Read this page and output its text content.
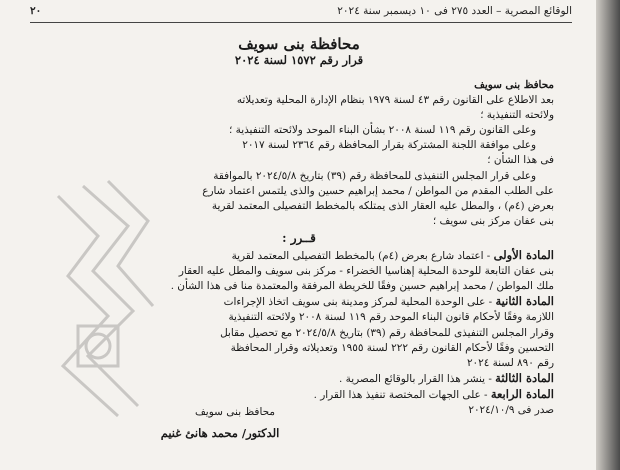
الوقائع المصرية – العدد ٢٧٥ فى ١٠ ديسمبر سنة ٢٠٢٤
٢٠
محافظة بنى سويف
قرار رقم ١٥٧٢ لسنة ٢٠٢٤

محافظ بنى سويف

بعد الاطلاع على القانون رقم ٤٣ لسنة ١٩٧٩ بنظام الإدارة المحلية وتعديلاته

ولائحته التنفيذية ؛

وعلى القانون رقم ١١٩ لسنة ٢٠٠٨ بشأن البناء الموحد ولائحته التنفيذية ؛

وعلى موافقة اللجنة المشتركة بقرار المحافظة رقم ٢٣٦٤ لسنة ٢٠١٧

فى هذا الشأن ؛

وعلى قرار المجلس التنفيذى للمحافظة رقم (٣٩) بتاريخ ٢٠٢٤/٥/٨ بالموافقة

على الطلب المقدم من المواطن / محمد إبراهيم حسين والذى يلتمس اعتماد شارع

بعرض (٤م) ، والمطل عليه العقار الذى يمتلكه بالمخطط التفصيلى المعتمد لقرية

بنى عفان مركز بنى سويف ؛

قــرر :

المادة الأولى - اعتماد شارع بعرض (٤م) بالمخطط التفصيلى المعتمد لقرية

بنى عفان التابعة للوحدة المحلية إهناسيا الخضراء - مركز بنى سويف والمطل عليه العقار

ملك المواطن / محمد إبراهيم حسين وفقًا للخريطة المرفقة والمعتمدة منا فى هذا الشأن .

المادة الثانية - على الوحدة المحلية لمركز ومدينة بنى سويف اتخاذ الإجراءات

اللازمة وفقًا لأحكام قانون البناء الموحد رقم ١١٩ لسنة ٢٠٠٨ ولائحته التنفيذية

وقرار المجلس التنفيذى للمحافظة رقم (٣٩) بتاريخ ٢٠٢٤/٥/٨ مع تحصيل مقابل

التحسين وفقًا لأحكام القانون رقم ٢٢٢ لسنة ١٩٥٥ وتعديلاته وقرار المحافظة

رقم ٨٩٠ لسنة ٢٠٢٤

المادة الثالثة - ينشر هذا القرار بالوقائع المصرية .

المادة الرابعة - على الجهات المختصة تنفيذ هذا القرار .

صدر فى ٢٠٢٤/١٠/٩

محافظ بنى سويف
الدكتور/ محمد هانئ غنيم
